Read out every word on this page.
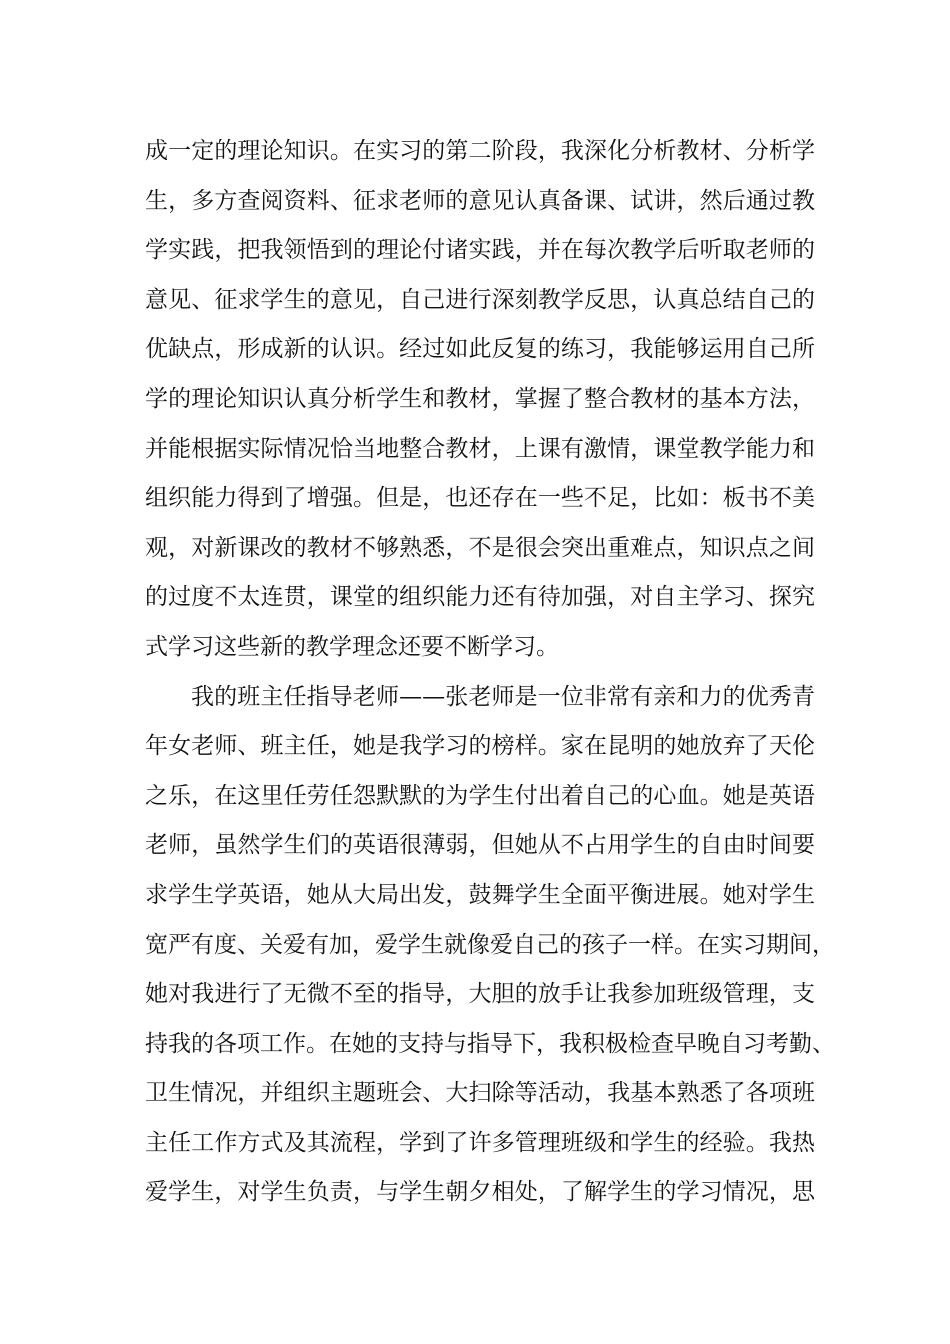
成一定的理论知识。在实习的第二阶段，我深化分析教材、分析学
生，多方查阅资料、征求老师的意见认真备课、试讲，然后通过教
学实践，把我领悟到的理论付诸实践，并在每次教学后听取老师的
意见、征求学生的意见，自己进行深刻教学反思，认真总结自己的
优缺点，形成新的认识。经过如此反复的练习，我能够运用自己所
学的理论知识认真分析学生和教材，掌握了整合教材的基本方法，
并能根据实际情况恰当地整合教材，上课有激情，课堂教学能力和
组织能力得到了增强。但是，也还存在一些不足，比如：板书不美
观，对新课改的教材不够熟悉，不是很会突出重难点，知识点之间
的过度不太连贯，课堂的组织能力还有待加强，对自主学习、探究
式学习这些新的教学理念还要不断学习。
我的班主任指导老师——张老师是一位非常有亲和力的优秀青
年女老师、班主任，她是我学习的榜样。家在昆明的她放弃了天伦
之乐，在这里任劳任怨默默的为学生付出着自己的心血。她是英语
老师，虽然学生们的英语很薄弱，但她从不占用学生的自由时间要
求学生学英语，她从大局出发，鼓舞学生全面平衡进展。她对学生
宽严有度、关爱有加，爱学生就像爱自己的孩子一样。在实习期间，
她对我进行了无微不至的指导，大胆的放手让我参加班级管理，支
持我的各项工作。在她的支持与指导下，我积极检查早晚自习考勤、
卫生情况，并组织主题班会、大扫除等活动，我基本熟悉了各项班
主任工作方式及其流程，学到了许多管理班级和学生的经验。我热
爱学生，对学生负责，与学生朝夕相处，了解学生的学习情况，思
